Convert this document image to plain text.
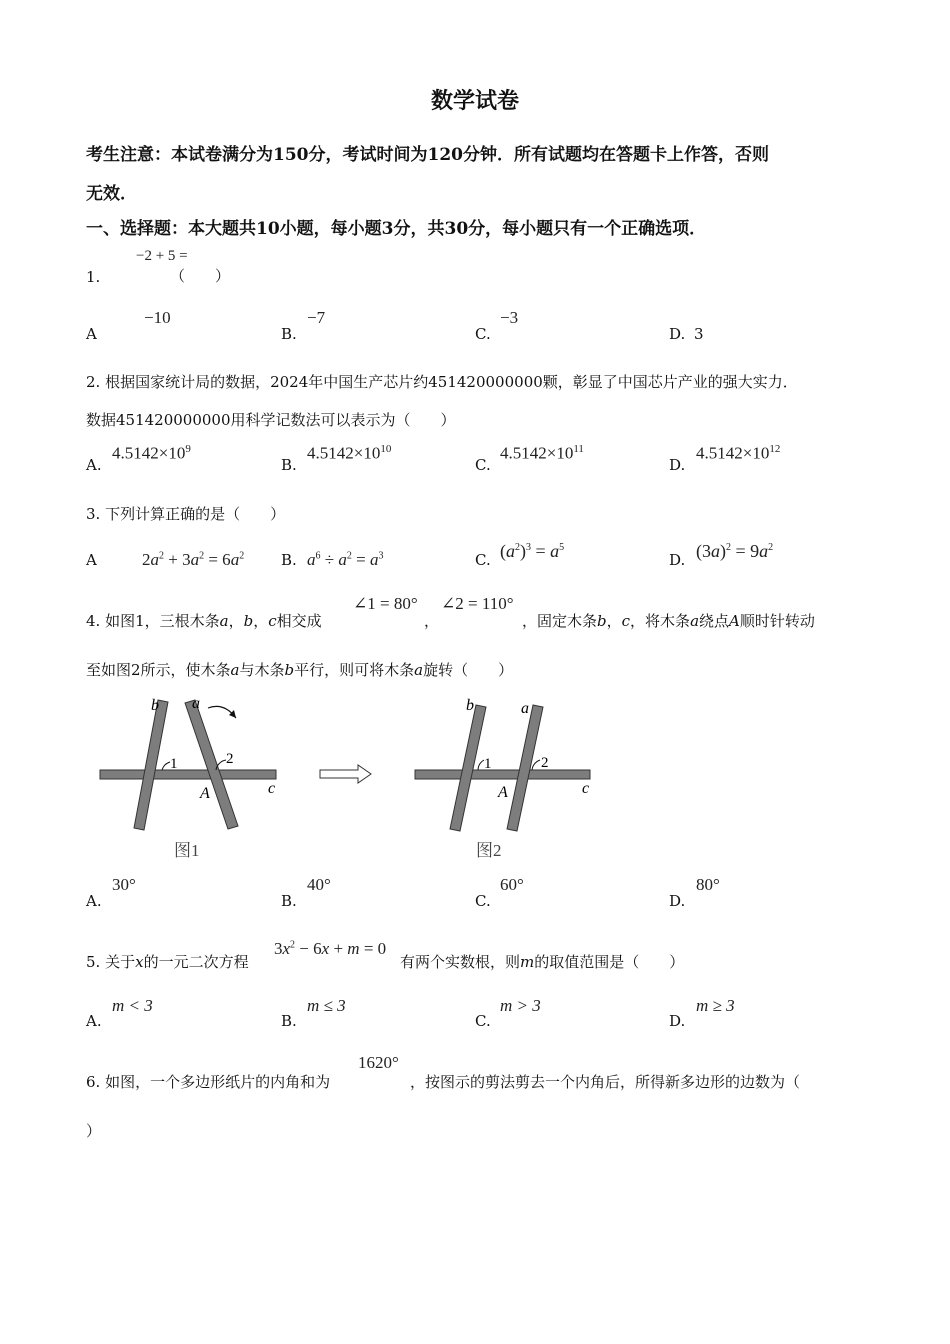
数学试卷
考生注意：本试卷满分为150分，考试时间为120分钟．所有试题均在答题卡上作答，否则
无效．
一、选择题：本大题共10小题，每小题3分，共30分，每小题只有一个正确选项．
−2 + 5 =
1.	（　　）
A
−10
B.
−7
C.
−3
D. 3
2. 根据国家统计局的数据，2024年中国生产芯片约451420000000颗，彰显了中国芯片产业的强大实力．
数据451420000000用科学记数法可以表示为（　　）
A.
$4.5142\times 10^9$
B.
$4.5142\times 10^{10}$
C.
$4.5142\times 10^{11}$
D.
$4.5142\times 10^{12}$
3. 下列计算正确的是（　　）
A	$2a^2 + 3a^2 = 6a^2$ B. $a^6 \div a^2 = a^3$	C. $(a^2)^3 = a^5$
D. $(3a)^2 = 9a^2$
4. 如图1，三根木条a，b，c相交成
∠1 = 80°
，
∠2 = 110°
，固定木条b，c，将木条a绕点A顺时针转动
至如图2所示，使木条a与木条b平行，则可将木条a旋转（　　）
b a
1	2
A	c
图1
b	a
1	2
A	c
图2
A.
30°
B.
40°
C.
60°
D.
80°
5. 关于x的一元二次方程
$3x^2 - 6x + m = 0$
有两个实数根，则m的取值范围是（　　）
A.
m < 3
B.
m ≤ 3
C.
m > 3
D.
m ≥ 3
6. 如图，一个多边形纸片的内角和为
1620°
，按图示的剪法剪去一个内角后，所得新多边形的边数为（
）
